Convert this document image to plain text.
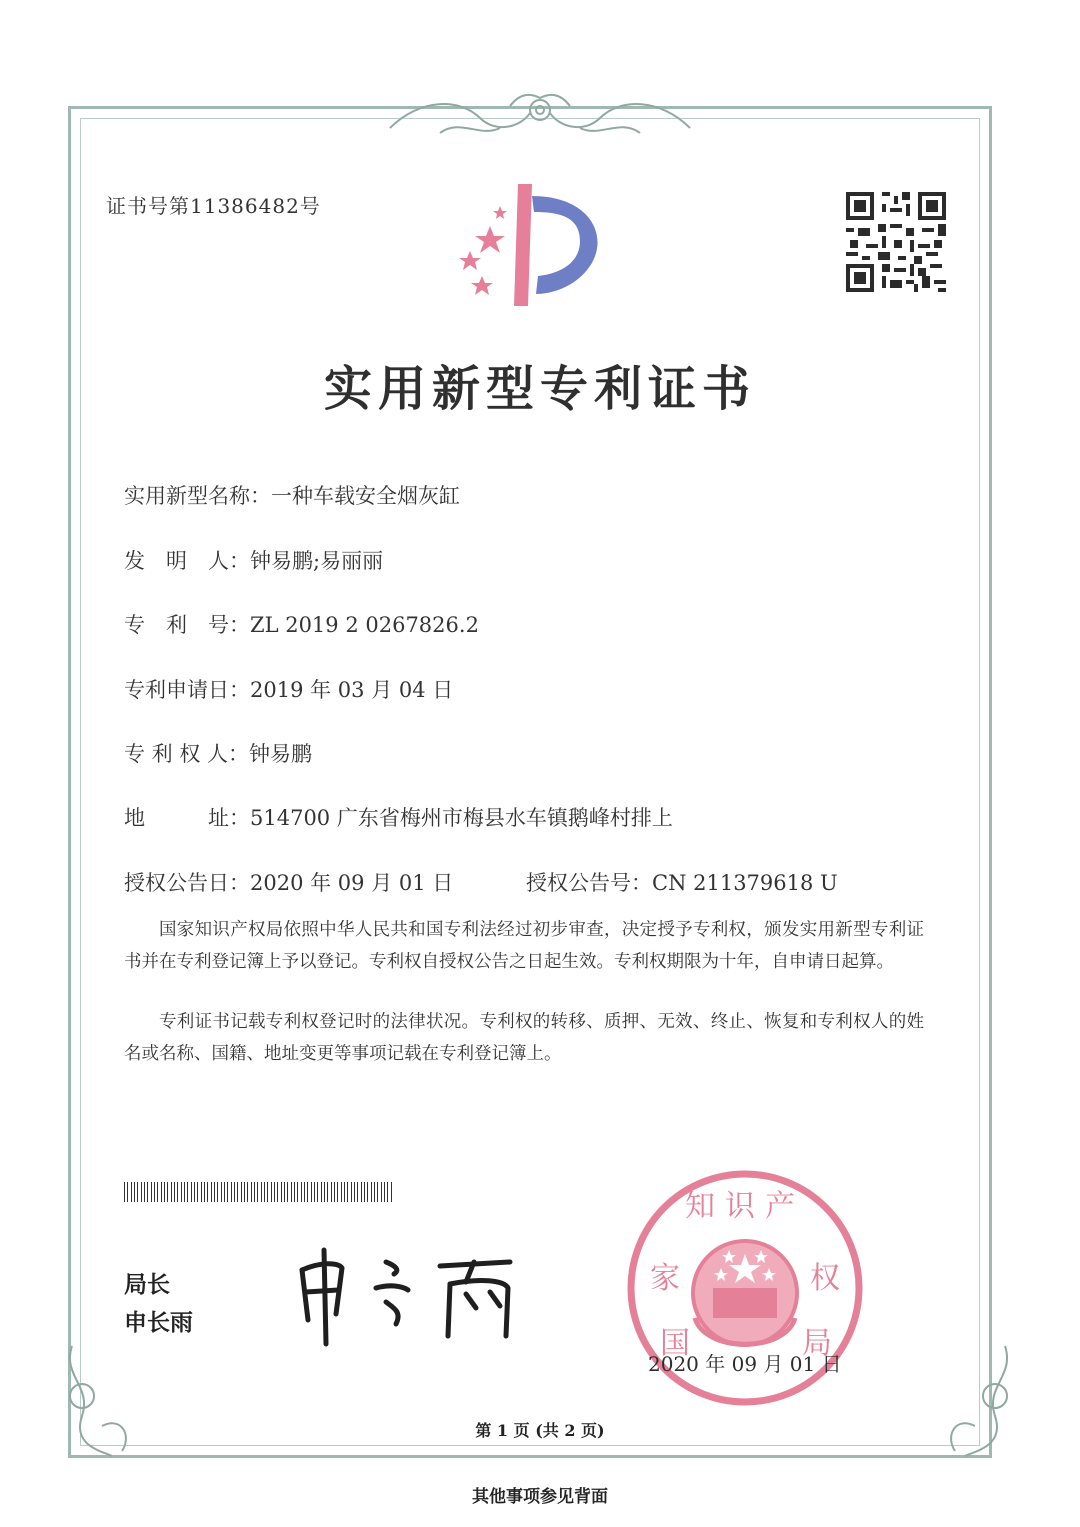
证书号第11386482号
实用新型专利证书
实用新型名称：一种车载安全烟灰缸
发　明　人：钟易鹏;易丽丽
专　利　号：ZL 2019 2 0267826.2
专利申请日：2019 年 03 月 04 日
专 利 权 人：钟易鹏
地　　　址：514700 广东省梅州市梅县水车镇鹅峰村排上
授权公告日：2020 年 09 月 01 日	授权公告号：CN 211379618 U
国家知识产权局依照中华人民共和国专利法经过初步审查，决定授予专利权，颁发实用新型专利证书并在专利登记簿上予以登记。专利权自授权公告之日起生效。专利权期限为十年，自申请日起算。
专利证书记载专利权登记时的法律状况。专利权的转移、质押、无效、终止、恢复和专利权人的姓名或名称、国籍、地址变更等事项记载在专利登记簿上。
局长
申长雨
知识产
家	权
国	局
2020 年 09 月 01 日
第 1 页 (共 2 页)
其他事项参见背面
